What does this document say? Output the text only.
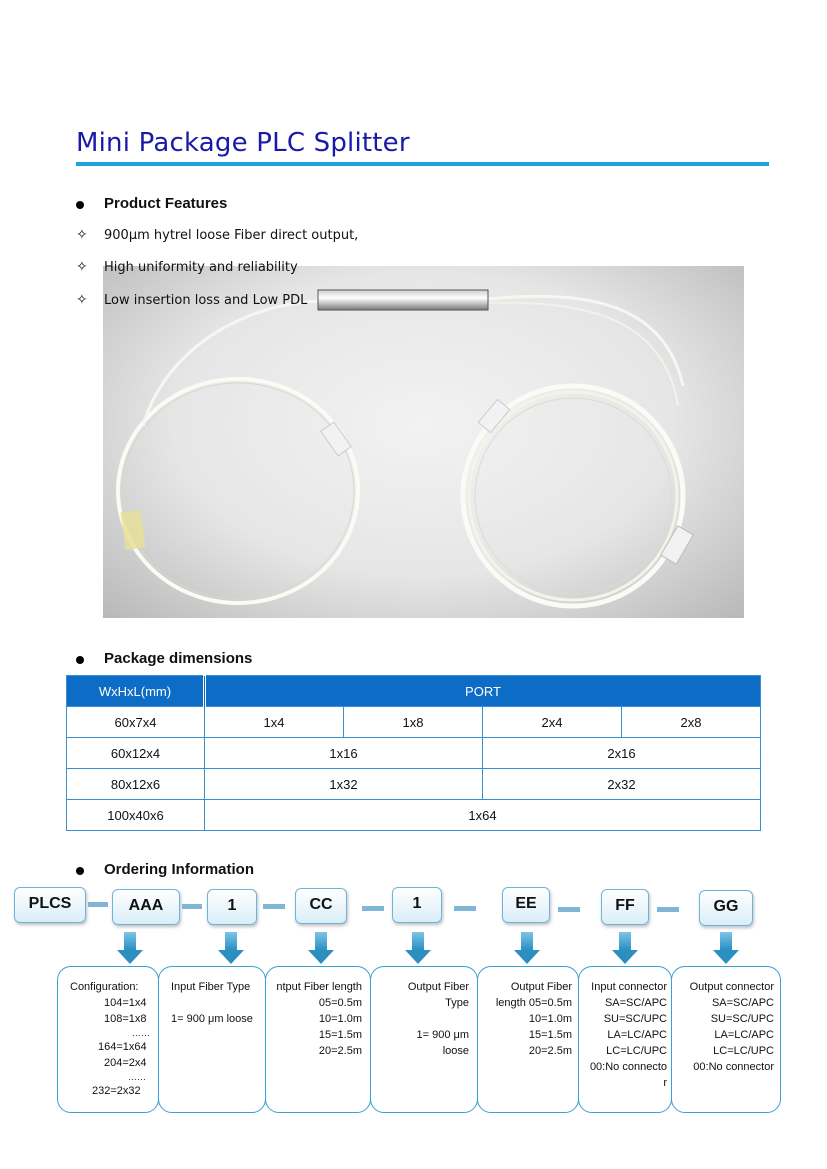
Mini Package PLC Splitter
Product Features
✧ 900μm hytrel loose Fiber direct output,
✧ High uniformity and reliability
✧ Low insertion loss and Low PDL
Package dimensions
WxHxL(mm)	PORT			
60x7x4	1x4	1x8	2x4	2x8
60x12x4	1x16		2x16	
80x12x6	1x32		2x32	
100x40x6	1x64			
Ordering Information
PLCS	AAA	1	CC	1	EE	FF	GG
Configuration:
104=1x4
108=1x8
……
164=1x64
204=2x4
……
232=2x32
Input Fiber Type

1= 900 μm loose
ntput Fiber length
05=0.5m
10=1.0m
15=1.5m
20=2.5m
Output Fiber
Type

1= 900 μm
loose
Output Fiber
length 05=0.5m
10=1.0m
15=1.5m
20=2.5m
Input connector
SA=SC/APC
SU=SC/UPC
LA=LC/APC
LC=LC/UPC
00:No connecto
r
Output connector
SA=SC/APC
SU=SC/UPC
LA=LC/APC
LC=LC/UPC
00:No connector
